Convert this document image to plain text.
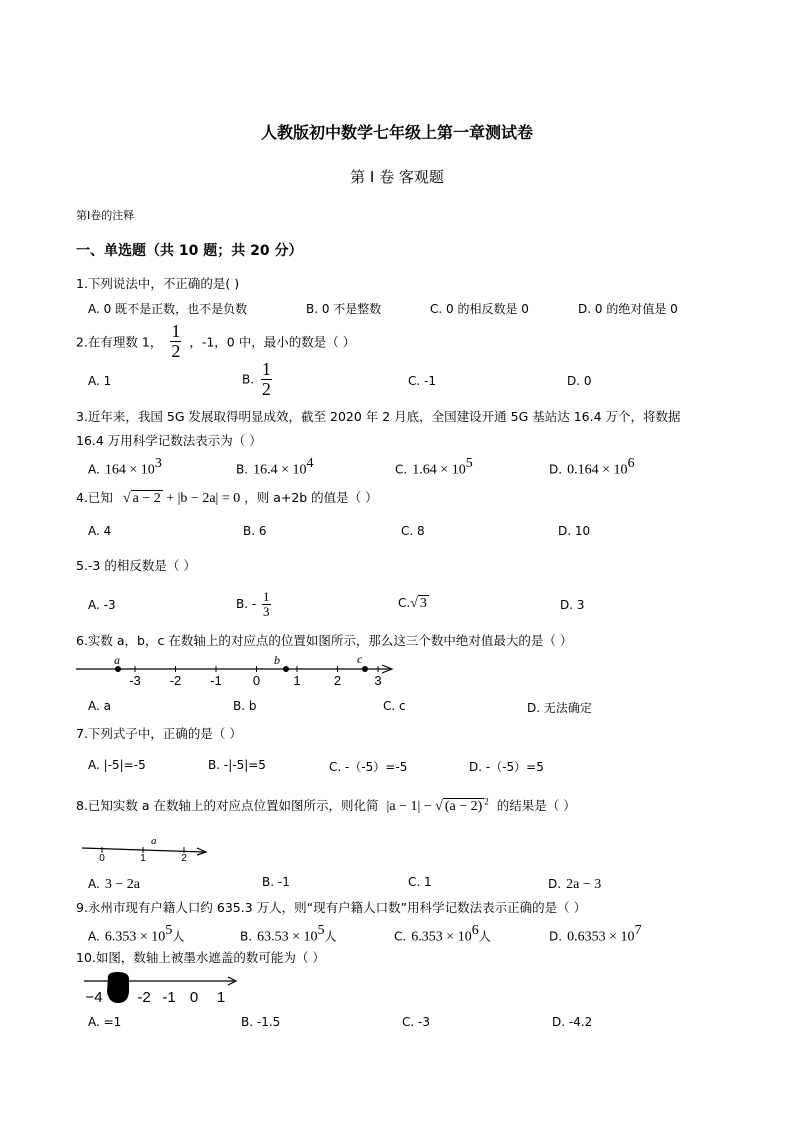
人教版初中数学七年级上第一章测试卷
第 I 卷 客观题
第Ⅰ卷的注释
一、单选题（共 10 题；共 20 分）
1.下列说法中，不正确的是( )
A. 0 既不是正数，也不是负数	B. 0 不是整数	C. 0 的相反数是 0	D. 0 的绝对值是 0
2.在有理数 1， $\frac{1}{2}$ ，-1，0 中，最小的数是（ ）
A. 1	B. $\frac{1}{2}$	C. -1	D. 0
3.近年来，我国 5G 发展取得明显成效，截至 2020 年 2 月底，全国建设开通 5G 基站达 16.4 万个，将数据
16.4 万用科学记数法表示为（ ）
A. $164 \times 10^3$	B. $16.4 \times 10^4$	C. $1.64 \times 10^5$	D. $0.164 \times 10^6$
4.已知 √ a − 2 + |b − 2a| = 0 ，则 a+2b 的值是（ ）
A. 4	B. 6	C. 8	D. 10
5.-3 的相反数是（ ）
A. -3	B. - $\frac{1}{3}$	C.√ 3	D. 3
6.实数 a，b，c 在数轴上的对应点的位置如图所示，那么这三个数中绝对值最大的是（ ）
-3 -2 -1 0	1	2	3
a	b	c
A. a	B. b	C. c	D. 无法确定
7.下列式子中，正确的是（ ）
A. |-5|=-5	B. -|-5|=5	C. -（-5）=-5	D. -（-5）=5
8.已知实数 a 在数轴上的对应点位置如图所示，则化简 |a − 1| − √ (a − 2) $^2$ 的结果是（ ）
0	1	2
a
A. 3 − 2a	B. -1	C. 1	D. 2a − 3
9.永州市现有户籍人口约 635.3 万人，则“现有户籍人口数”用科学记数法表示正确的是（ ）
A. $6.353 \times 10^5$人	B. $63.53 \times 10^5$人	C. $6.353 \times 10^6$人	D. $0.6353 \times 10^7$
10.如图，数轴上被墨水遮盖的数可能为（ ）
−4 -2 -1 0 1
A. =1	B. -1.5	C. -3	D. -4.2
